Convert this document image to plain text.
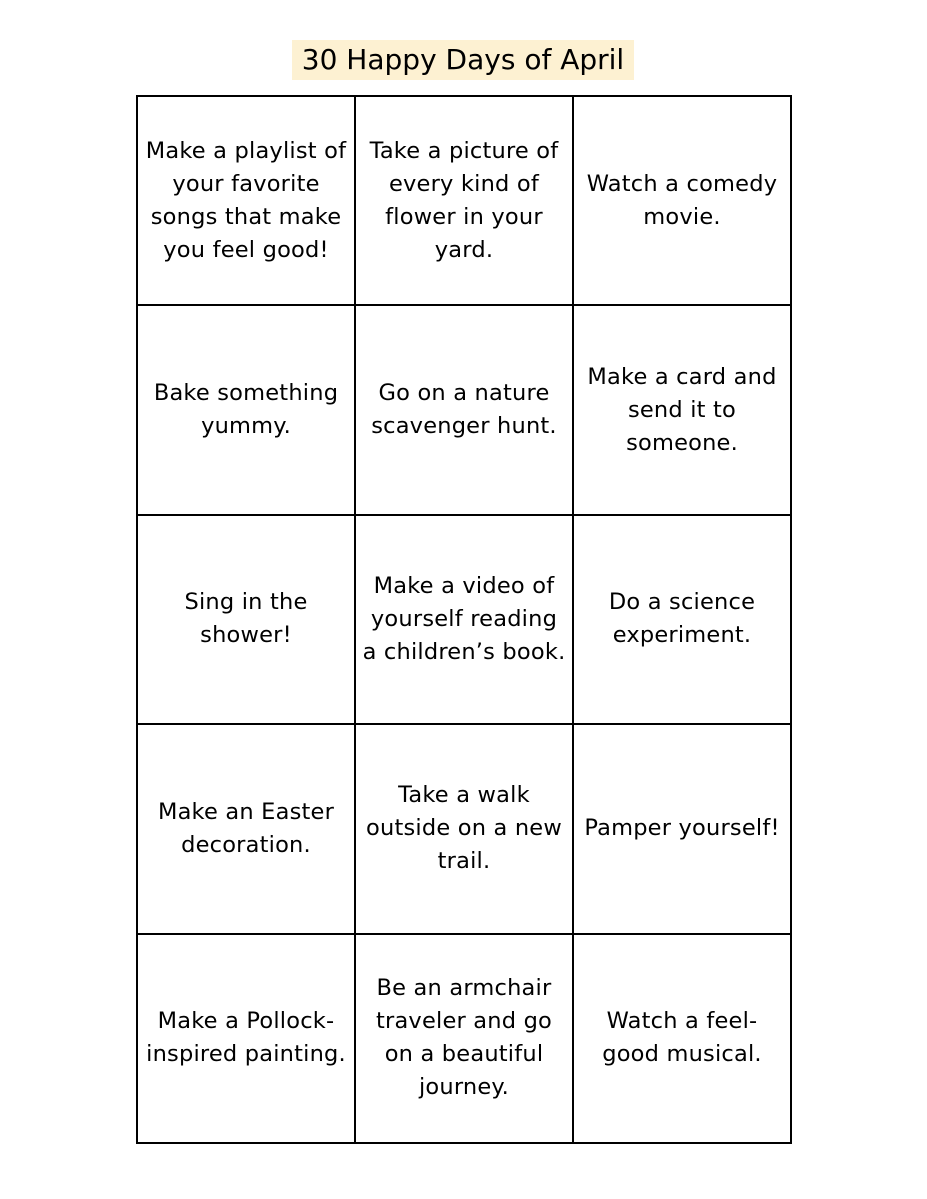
30 Happy Days of April
Make a playlist of your favorite songs that make you feel good!
Take a picture of every kind of flower in your yard.
Watch a comedy movie.
Bake something yummy.
Go on a nature scavenger hunt.
Make a card and send it to someone.
Sing in the shower!
Make a video of yourself reading a children’s book.
Do a science experiment.
Make an Easter decoration.
Take a walk outside on a new trail.
Pamper yourself!
Make a Pollock-inspired painting.
Be an armchair traveler and go on a beautiful journey.
Watch a feel-good musical.
